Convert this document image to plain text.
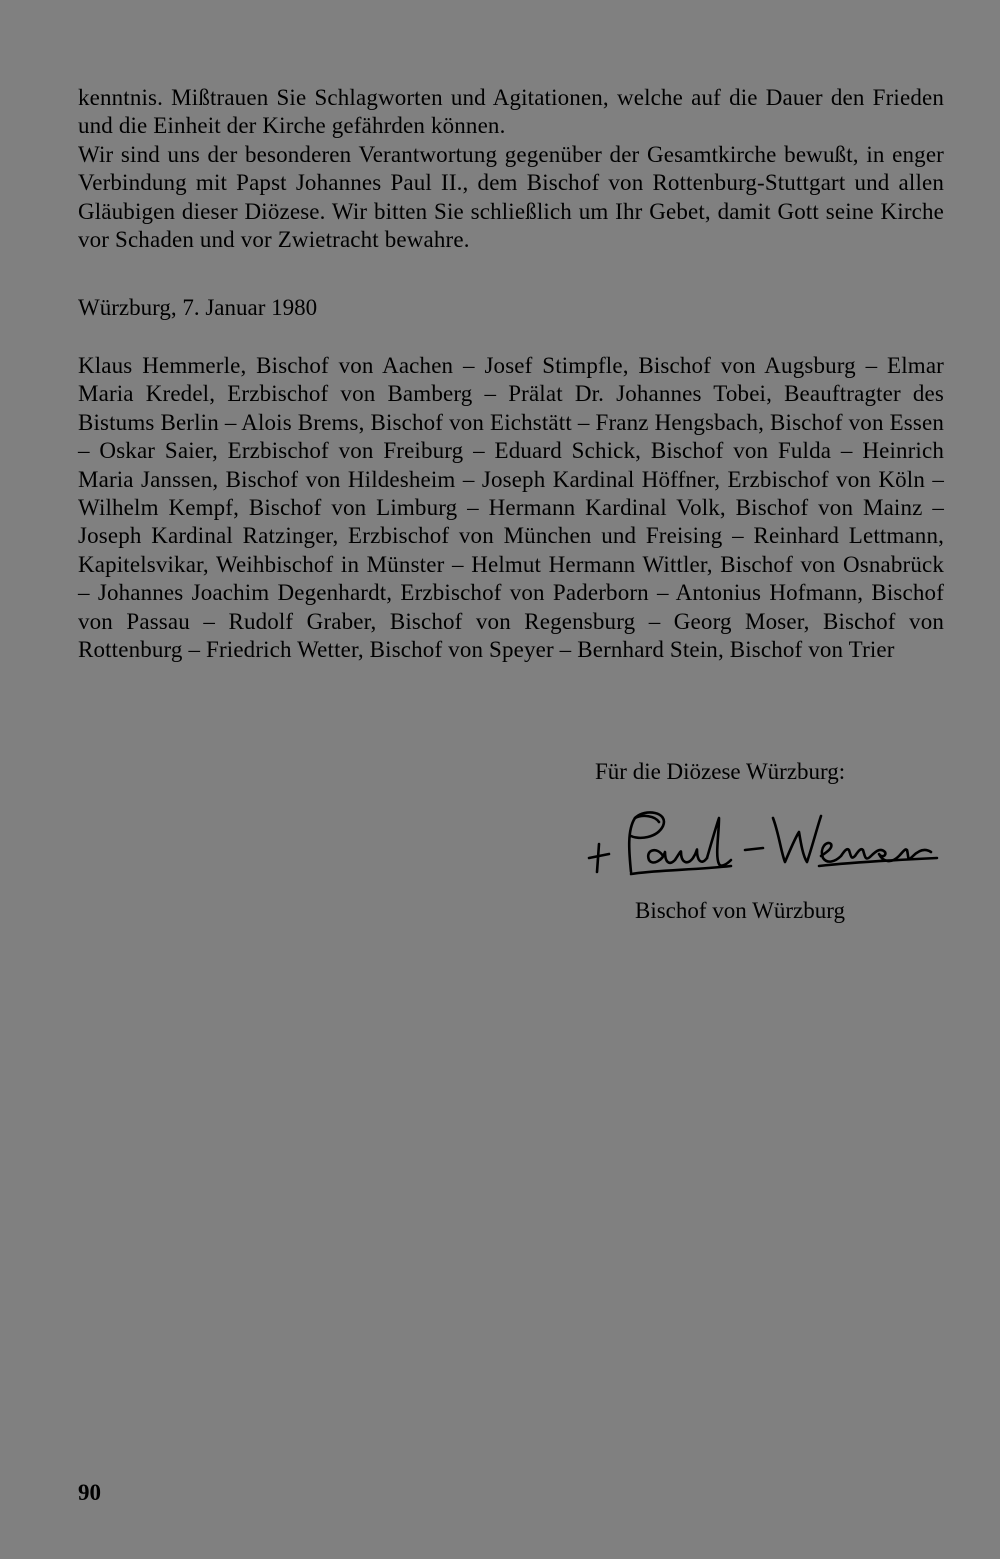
kenntnis. Mißtrauen Sie Schlagworten und Agitationen, welche auf die Dauer den Frieden und die Einheit der Kirche gefährden können.

Wir sind uns der besonderen Verantwortung gegenüber der Gesamtkirche bewußt, in enger Verbindung mit Papst Johannes Paul II., dem Bischof von Rottenburg-Stuttgart und allen Gläubigen dieser Diözese. Wir bitten Sie schließlich um Ihr Gebet, damit Gott seine Kirche vor Schaden und vor Zwietracht bewahre.

Würzburg, 7. Januar 1980

Klaus Hemmerle, Bischof von Aachen – Josef Stimpfle, Bischof von Augsburg – Elmar Maria Kredel, Erzbischof von Bamberg – Prälat Dr. Johannes Tobei, Beauftragter des Bistums Berlin – Alois Brems, Bischof von Eichstätt – Franz Hengsbach, Bischof von Essen – Oskar Saier, Erzbischof von Freiburg – Eduard Schick, Bischof von Fulda – Heinrich Maria Janssen, Bischof von Hildesheim – Joseph Kardinal Höffner, Erzbischof von Köln – Wilhelm Kempf, Bischof von Limburg – Hermann Kardinal Volk, Bischof von Mainz – Joseph Kardinal Ratzinger, Erzbischof von München und Freising – Reinhard Lettmann, Kapitelsvikar, Weihbischof in Münster – Helmut Hermann Wittler, Bischof von Osnabrück – Johannes Joachim Degenhardt, Erzbischof von Paderborn – Antonius Hofmann, Bischof von Passau – Rudolf Graber, Bischof von Regensburg – Georg Moser, Bischof von Rottenburg – Friedrich Wetter, Bischof von Speyer – Bernhard Stein, Bischof von Trier

Für die Diözese Würzburg:
Bischof von Würzburg
90
